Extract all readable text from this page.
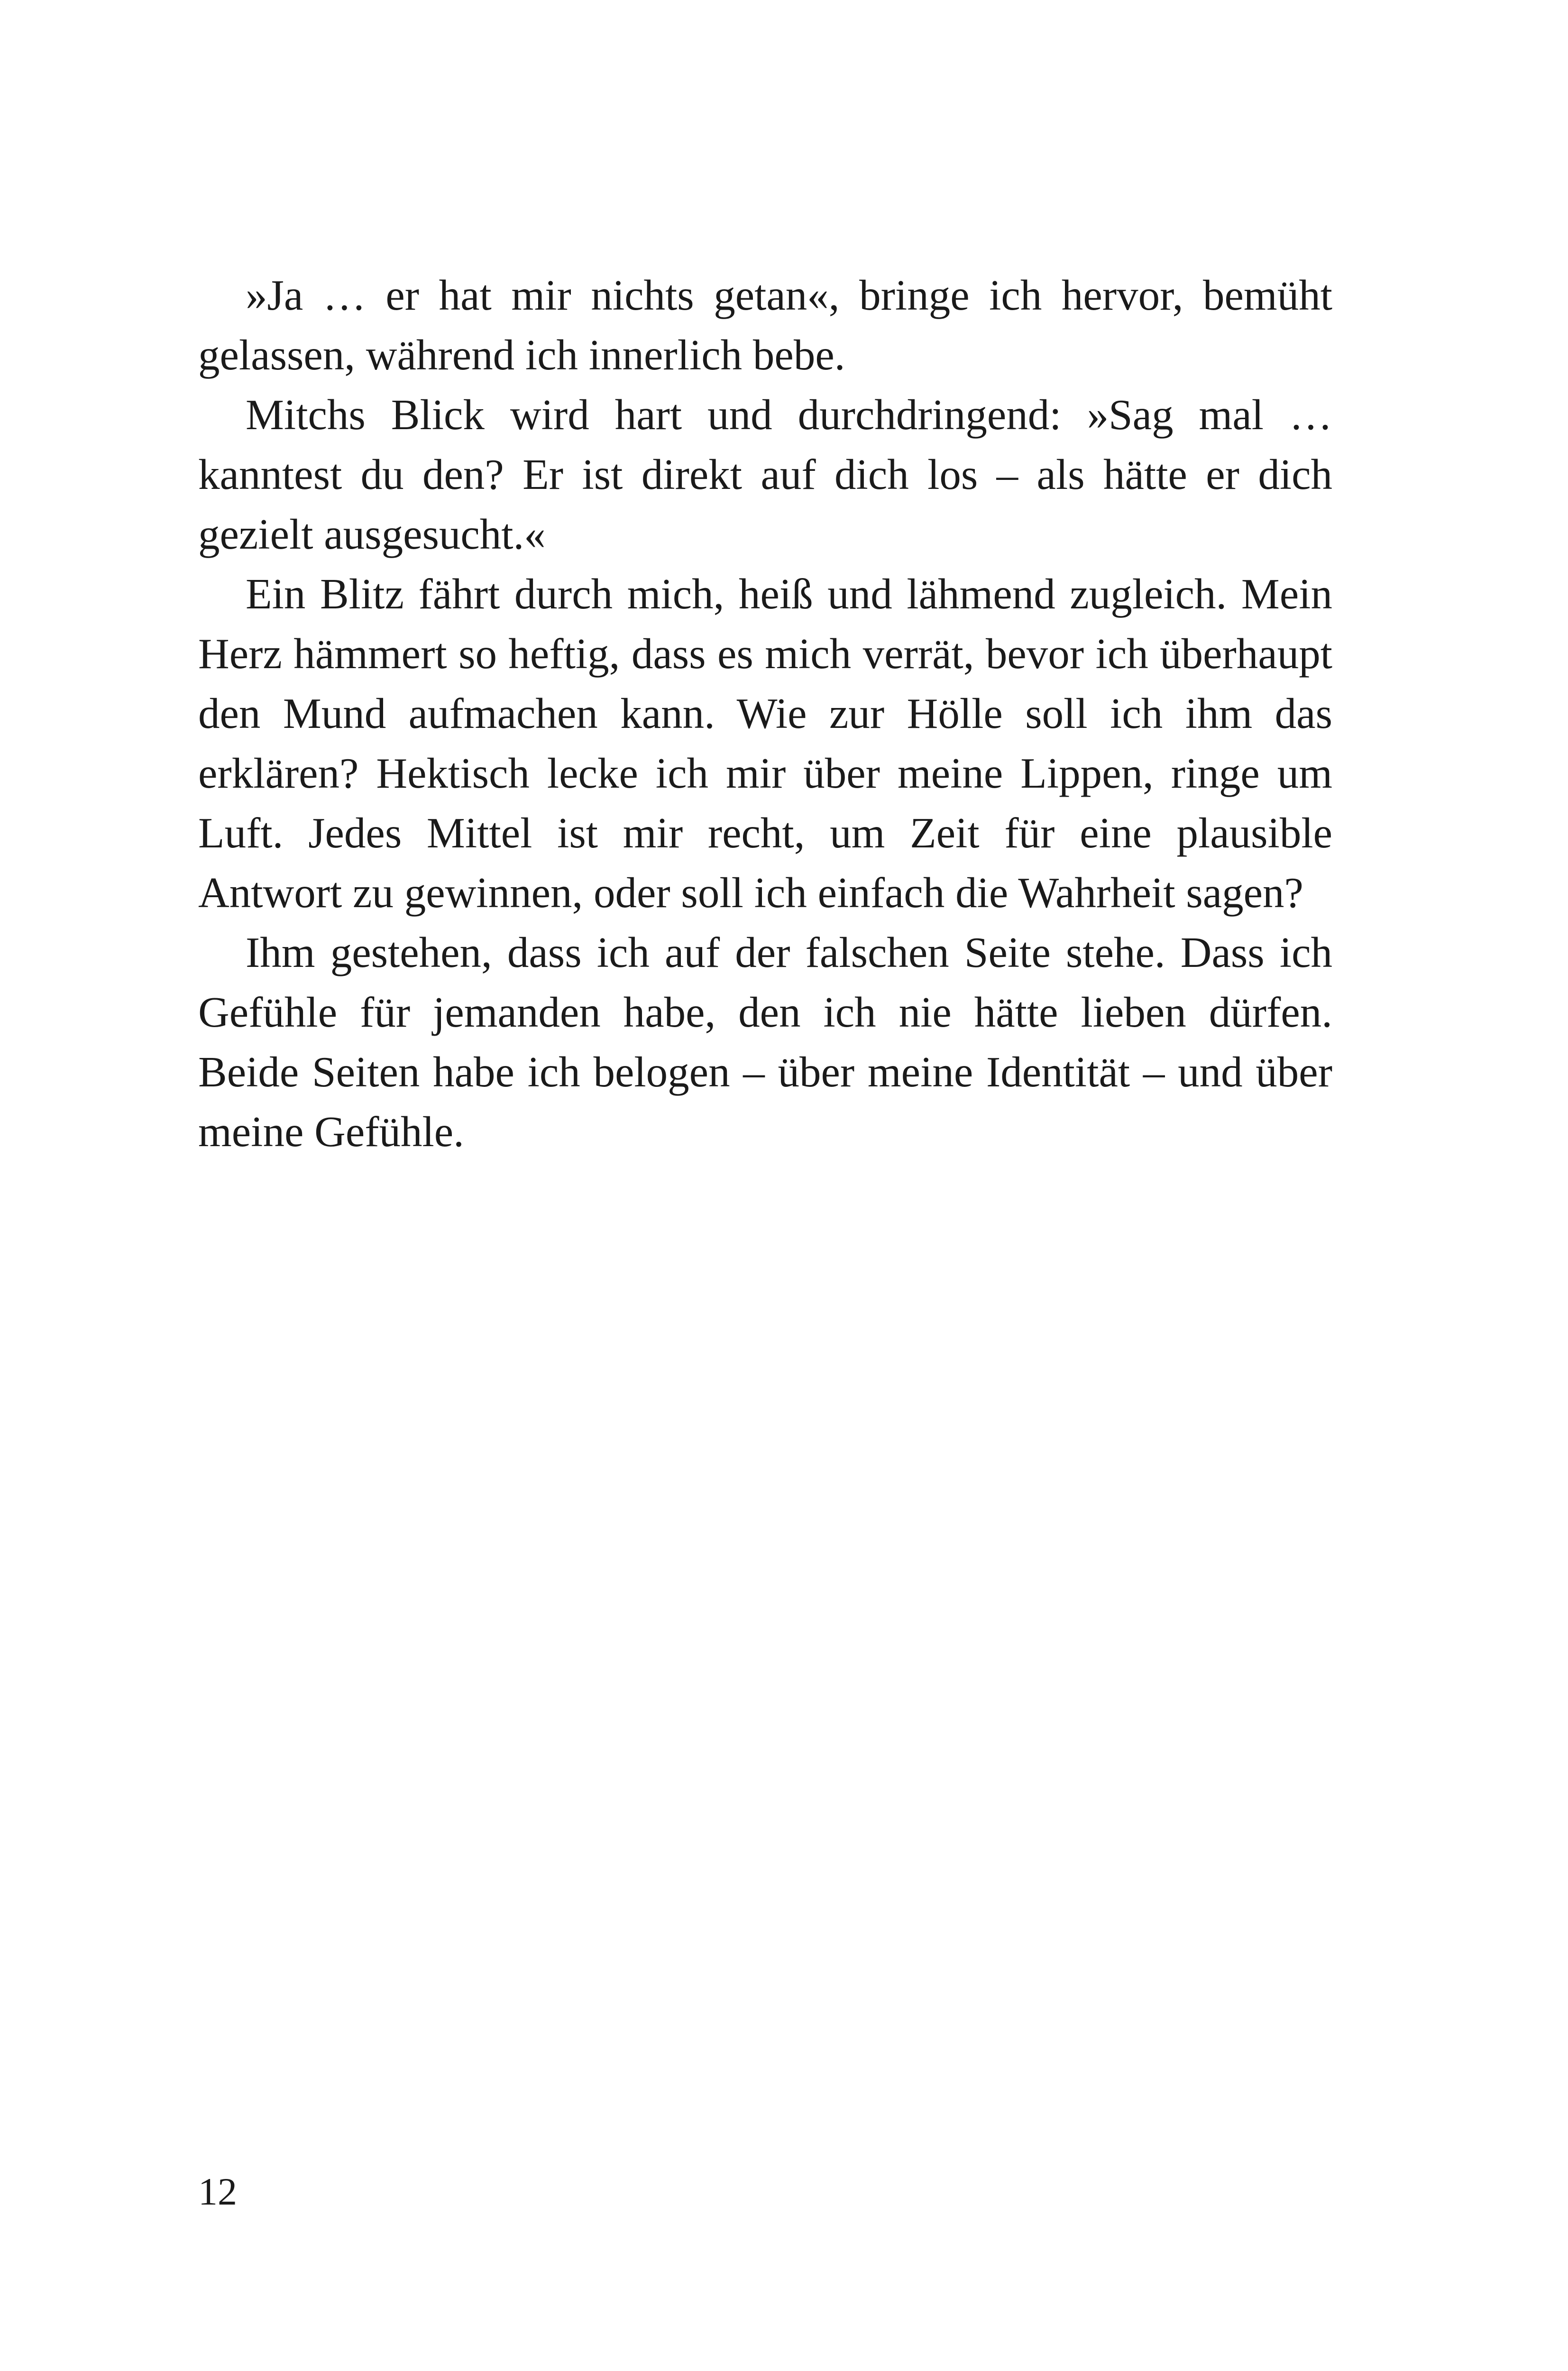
»Ja … er hat mir nichts getan«, bringe ich hervor, bemüht gelassen, während ich innerlich bebe.

Mitchs Blick wird hart und durchdringend: »Sag mal … kanntest du den? Er ist direkt auf dich los – als hätte er dich gezielt ausgesucht.«

Ein Blitz fährt durch mich, heiß und lähmend zugleich. Mein Herz hämmert so heftig, dass es mich verrät, bevor ich überhaupt den Mund aufmachen kann. Wie zur Hölle soll ich ihm das erklären? Hektisch lecke ich mir über meine Lippen, ringe um Luft. Jedes Mittel ist mir recht, um Zeit für eine plausible Antwort zu gewinnen, oder soll ich einfach die Wahrheit sagen?

Ihm gestehen, dass ich auf der falschen Seite stehe. Dass ich Gefühle für jemanden habe, den ich nie hätte lieben dürfen. Beide Seiten habe ich belogen – über meine Identität – und über meine Gefühle.

12
